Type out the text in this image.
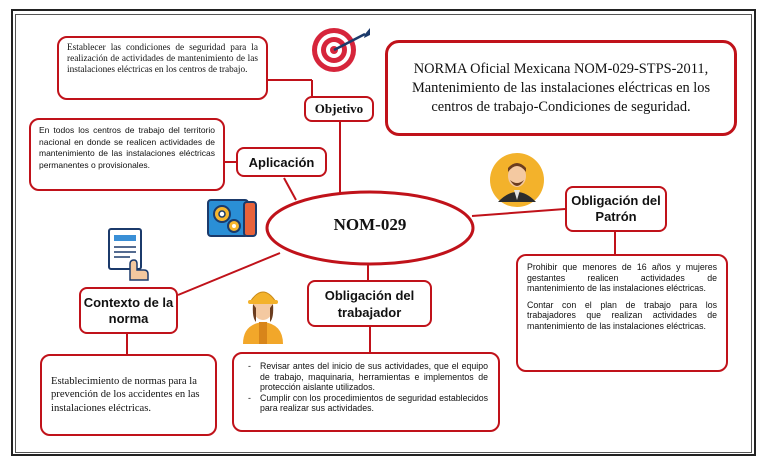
Establecer las condiciones de seguridad para la realización de actividades de mantenimiento de las instalaciones eléctricas en los centros de trabajo.
Objetivo
NORMA Oficial Mexicana NOM-029-STPS-2011, Mantenimiento de las instalaciones eléctricas en los centros de trabajo-Condiciones de seguridad.
En todos los centros de trabajo del territorio nacional en donde se realicen actividades de mantenimiento de las instalaciones eléctricas permanentes o provisionales.	Aplicación
NOM-029
Obligación del Patrón
Prohibir que menores de 16 años y mujeres gestantes realicen actividades de mantenimiento de las instalaciones eléctricas.
Contar con el plan de trabajo para los trabajadores que realizan actividades de mantenimiento de las instalaciones eléctricas.
Contexto de la norma
Establecimiento de normas para la prevención de los accidentes en las instalaciones eléctricas.
Obligación del trabajador
- Revisar antes del inicio de sus actividades, que el equipo de trabajo, maquinaria, herramientas e implementos de protección aislante utilizados.
- Cumplir con los procedimientos de seguridad establecidos para realizar sus actividades.
